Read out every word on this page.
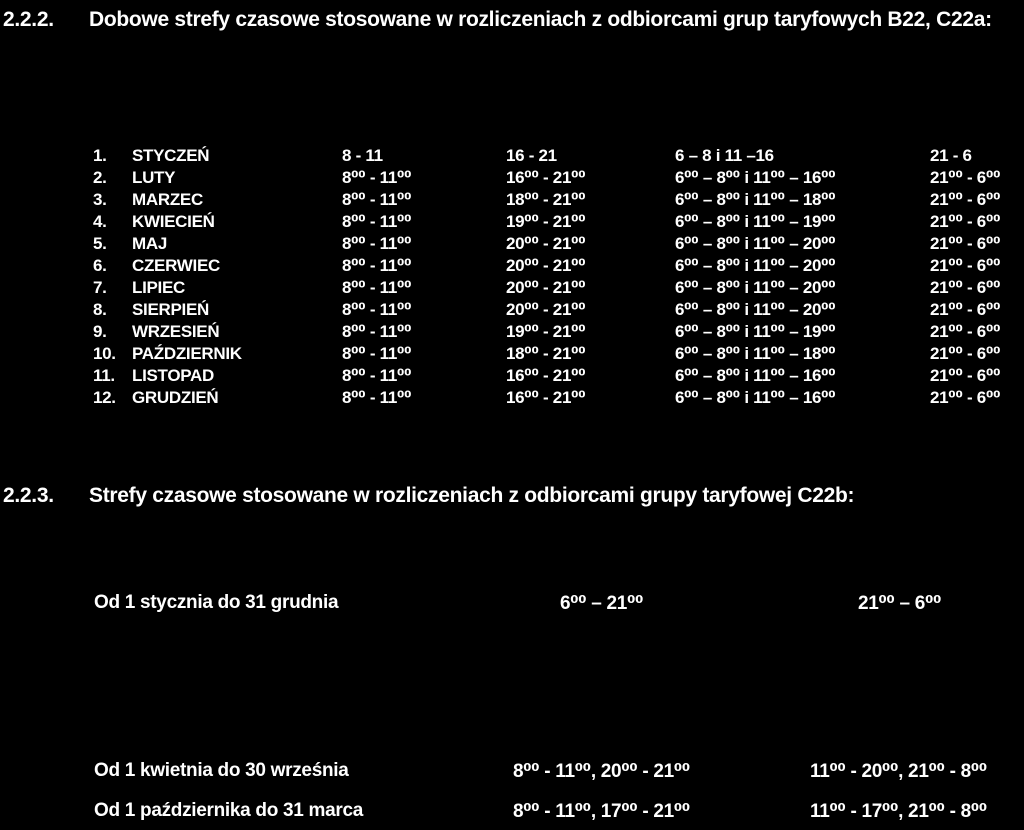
2.2.2. Dobowe strefy czasowe stosowane w rozliczeniach z odbiorcami grup taryfowych B22, C22a:
1. STYCZEŃ	8 - 11	16 - 21	6 – 8 i 11 –16	21 - 6
2. LUTY	8⁰⁰ - 11⁰⁰	16⁰⁰ - 21⁰⁰	6⁰⁰ – 8⁰⁰ i 11⁰⁰ – 16⁰⁰	21⁰⁰ - 6⁰⁰
3. MARZEC	8⁰⁰ - 11⁰⁰	18⁰⁰ - 21⁰⁰	6⁰⁰ – 8⁰⁰ i 11⁰⁰ – 18⁰⁰	21⁰⁰ - 6⁰⁰
4. KWIECIEŃ	8⁰⁰ - 11⁰⁰	19⁰⁰ - 21⁰⁰	6⁰⁰ – 8⁰⁰ i 11⁰⁰ – 19⁰⁰	21⁰⁰ - 6⁰⁰
5. MAJ	8⁰⁰ - 11⁰⁰	20⁰⁰ - 21⁰⁰	6⁰⁰ – 8⁰⁰ i 11⁰⁰ – 20⁰⁰	21⁰⁰ - 6⁰⁰
6. CZERWIEC	8⁰⁰ - 11⁰⁰	20⁰⁰ - 21⁰⁰	6⁰⁰ – 8⁰⁰ i 11⁰⁰ – 20⁰⁰	21⁰⁰ - 6⁰⁰
7. LIPIEC	8⁰⁰ - 11⁰⁰	20⁰⁰ - 21⁰⁰	6⁰⁰ – 8⁰⁰ i 11⁰⁰ – 20⁰⁰	21⁰⁰ - 6⁰⁰
8. SIERPIEŃ	8⁰⁰ - 11⁰⁰	20⁰⁰ - 21⁰⁰	6⁰⁰ – 8⁰⁰ i 11⁰⁰ – 20⁰⁰	21⁰⁰ - 6⁰⁰
9. WRZESIEŃ	8⁰⁰ - 11⁰⁰	19⁰⁰ - 21⁰⁰	6⁰⁰ – 8⁰⁰ i 11⁰⁰ – 19⁰⁰	21⁰⁰ - 6⁰⁰
10. PAŹDZIERNIK	8⁰⁰ - 11⁰⁰	18⁰⁰ - 21⁰⁰	6⁰⁰ – 8⁰⁰ i 11⁰⁰ – 18⁰⁰	21⁰⁰ - 6⁰⁰
11. LISTOPAD	8⁰⁰ - 11⁰⁰	16⁰⁰ - 21⁰⁰	6⁰⁰ – 8⁰⁰ i 11⁰⁰ – 16⁰⁰	21⁰⁰ - 6⁰⁰
12. GRUDZIEŃ	8⁰⁰ - 11⁰⁰	16⁰⁰ - 21⁰⁰	6⁰⁰ – 8⁰⁰ i 11⁰⁰ – 16⁰⁰	21⁰⁰ - 6⁰⁰
2.2.3. Strefy czasowe stosowane w rozliczeniach z odbiorcami grupy taryfowej C22b:
Od 1 stycznia do 31 grudnia	6⁰⁰ – 21⁰⁰	21⁰⁰ – 6⁰⁰
Od 1 kwietnia do 30 września	8⁰⁰ - 11⁰⁰, 20⁰⁰ - 21⁰⁰	11⁰⁰ - 20⁰⁰, 21⁰⁰ - 8⁰⁰
Od 1 października do 31 marca	8⁰⁰ - 11⁰⁰, 17⁰⁰ - 21⁰⁰	11⁰⁰ - 17⁰⁰, 21⁰⁰ - 8⁰⁰
